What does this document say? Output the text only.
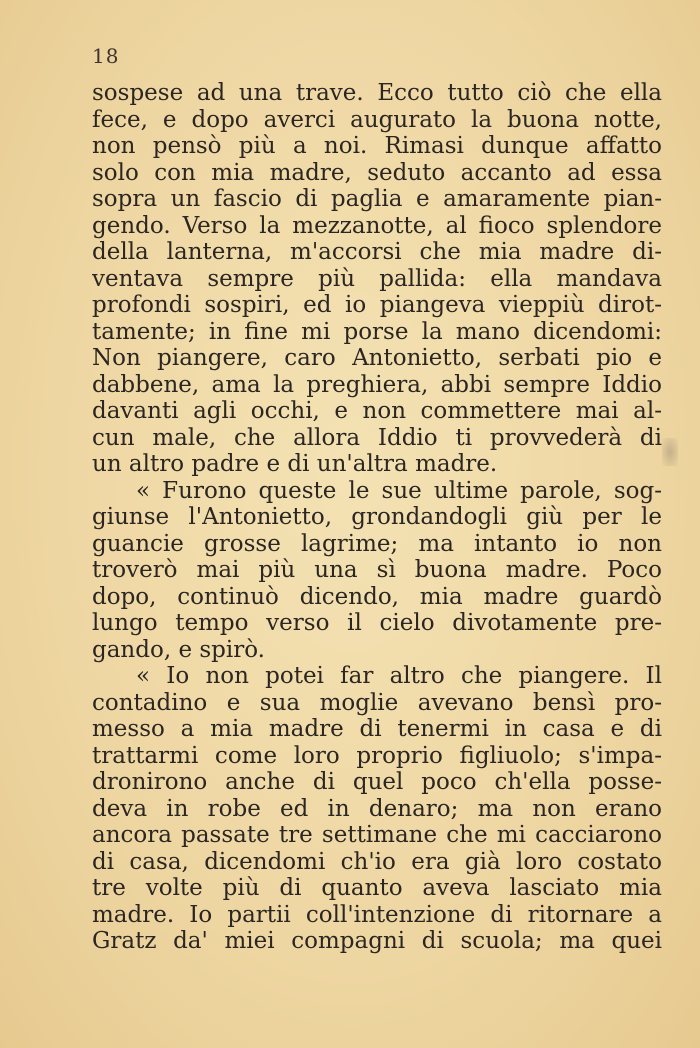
18
sospese ad una trave. Ecco tutto ciò che ella
fece, e dopo averci augurato la buona notte,
non pensò più a noi. Rimasi dunque affatto
solo con mia madre, seduto accanto ad essa
sopra un fascio di paglia e amaramente pian-
gendo. Verso la mezzanotte, al fioco splendore
della lanterna, m'accorsi che mia madre di-
ventava sempre più pallida: ella mandava
profondi sospiri, ed io piangeva vieppiù dirot-
tamente; in fine mi porse la mano dicendomi:
Non piangere, caro Antonietto, serbati pio e
dabbene, ama la preghiera, abbi sempre Iddio
davanti agli occhi, e non commettere mai al-
cun male, che allora Iddio ti provvederà di
un altro padre e di un'altra madre.
« Furono queste le sue ultime parole, sog-
giunse l'Antonietto, grondandogli giù per le
guancie grosse lagrime; ma intanto io non
troverò mai più una sì buona madre. Poco
dopo, continuò dicendo, mia madre guardò
lungo tempo verso il cielo divotamente pre-
gando, e spirò.
« Io non potei far altro che piangere. Il
contadino e sua moglie avevano bensì pro-
messo a mia madre di tenermi in casa e di
trattarmi come loro proprio figliuolo; s'impa-
dronirono anche di quel poco ch'ella posse-
deva in robe ed in denaro; ma non erano
ancora passate tre settimane che mi cacciarono
di casa, dicendomi ch'io era già loro costato
tre volte più di quanto aveva lasciato mia
madre. Io partii coll'intenzione di ritornare a
Gratz da' miei compagni di scuola; ma quei
